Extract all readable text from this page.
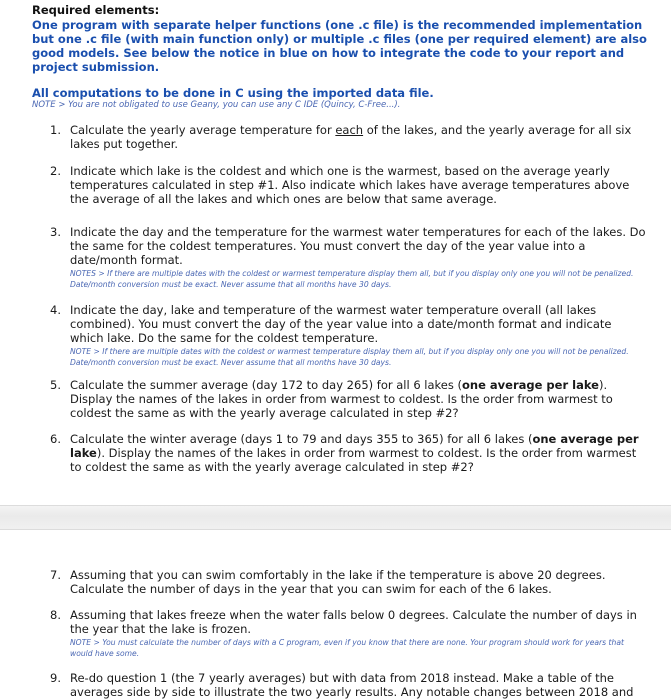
Required elements:

One program with separate helper functions (one .c file) is the recommended implementation but one .c file (with main function only) or multiple .c files (one per required element) are also good models. See below the notice in blue on how to integrate the code to your report and project submission.

All computations to be done in C using the imported data file.
NOTE > You are not obligated to use Geany, you can use any C IDE (Quincy, C-Free...).
1. Calculate the yearly average temperature for each of the lakes, and the yearly average for all six lakes put together.

2. Indicate which lake is the coldest and which one is the warmest, based on the average yearly temperatures calculated in step #1. Also indicate which lakes have average temperatures above the average of all the lakes and which ones are below that same average.

3. Indicate the day and the temperature for the warmest water temperatures for each of the lakes. Do the same for the coldest temperatures. You must convert the day of the year value into a date/month format.
NOTES > If there are multiple dates with the coldest or warmest temperature display them all, but if you display only one you will not be penalized. Date/month conversion must be exact. Never assume that all months have 30 days.

4. Indicate the day, lake and temperature of the warmest water temperature overall (all lakes combined). You must convert the day of the year value into a date/month format and indicate which lake. Do the same for the coldest temperature.
NOTE > If there are multiple dates with the coldest or warmest temperature display them all, but if you display only one you will not be penalized. Date/month conversion must be exact. Never assume that all months have 30 days.

5. Calculate the summer average (day 172 to day 265) for all 6 lakes (one average per lake). Display the names of the lakes in order from warmest to coldest. Is the order from warmest to coldest the same as with the yearly average calculated in step #2?

6. Calculate the winter average (days 1 to 79 and days 355 to 365) for all 6 lakes (one average per lake). Display the names of the lakes in order from warmest to coldest. Is the order from warmest to coldest the same as with the yearly average calculated in step #2?

7. Assuming that you can swim comfortably in the lake if the temperature is above 20 degrees. Calculate the number of days in the year that you can swim for each of the 6 lakes.

8. Assuming that lakes freeze when the water falls below 0 degrees. Calculate the number of days in the year that the lake is frozen.
NOTE > You must calculate the number of days with a C program, even if you know that there are none. Your program should work for years that would have some.

9. Re-do question 1 (the 7 yearly averages) but with data from 2018 instead. Make a table of the averages side by side to illustrate the two yearly results. Any notable changes between 2018 and
